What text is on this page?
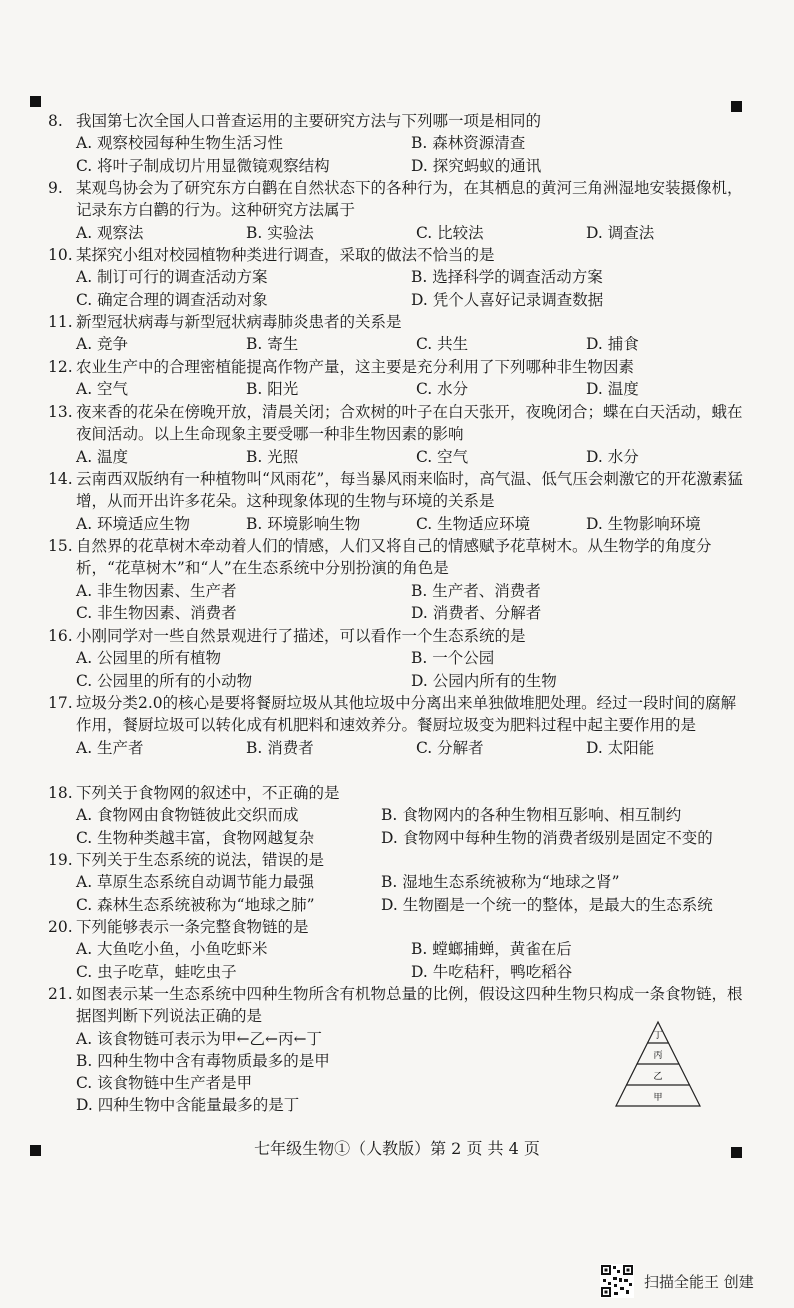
8. 我国第七次全国人口普查运用的主要研究方法与下列哪一项是相同的
A. 观察校园每种生物生活习性	B. 森林资源清查
C. 将叶子制成切片用显微镜观察结构	D. 探究蚂蚁的通讯
9. 某观鸟协会为了研究东方白鹳在自然状态下的各种行为，在其栖息的黄河三角洲湿地安装摄像机，记录东方白鹳的行为。这种研究方法属于
A. 观察法	B. 实验法	C. 比较法	D. 调查法
10. 某探究小组对校园植物种类进行调查，采取的做法不恰当的是
A. 制订可行的调查活动方案	B. 选择科学的调查活动方案
C. 确定合理的调查活动对象	D. 凭个人喜好记录调查数据
11. 新型冠状病毒与新型冠状病毒肺炎患者的关系是
A. 竞争	B. 寄生	C. 共生	D. 捕食
12. 农业生产中的合理密植能提高作物产量，这主要是充分利用了下列哪种非生物因素
A. 空气	B. 阳光	C. 水分	D. 温度
13. 夜来香的花朵在傍晚开放，清晨关闭；合欢树的叶子在白天张开，夜晚闭合；蝶在白天活动，蛾在夜间活动。以上生命现象主要受哪一种非生物因素的影响
A. 温度	B. 光照	C. 空气	D. 水分
14. 云南西双版纳有一种植物叫“风雨花”，每当暴风雨来临时，高气温、低气压会刺激它的开花激素猛增，从而开出许多花朵。这种现象体现的生物与环境的关系是
A. 环境适应生物	B. 环境影响生物	C. 生物适应环境	D. 生物影响环境
15. 自然界的花草树木牵动着人们的情感，人们又将自己的情感赋予花草树木。从生物学的角度分析，“花草树木”和“人”在生态系统中分别扮演的角色是
A. 非生物因素、生产者	B. 生产者、消费者
C. 非生物因素、消费者	D. 消费者、分解者
16. 小刚同学对一些自然景观进行了描述，可以看作一个生态系统的是
A. 公园里的所有植物	B. 一个公园
C. 公园里的所有的小动物	D. 公园内所有的生物
17. 垃圾分类2.0的核心是要将餐厨垃圾从其他垃圾中分离出来单独做堆肥处理。经过一段时间的腐解作用，餐厨垃圾可以转化成有机肥料和速效养分。餐厨垃圾变为肥料过程中起主要作用的是
A. 生产者	B. 消费者	C. 分解者	D. 太阳能
18. 下列关于食物网的叙述中，不正确的是
A. 食物网由食物链彼此交织而成	B. 食物网内的各种生物相互影响、相互制约
C. 生物种类越丰富，食物网越复杂	D. 食物网中每种生物的消费者级别是固定不变的
19. 下列关于生态系统的说法，错误的是
A. 草原生态系统自动调节能力最强	B. 湿地生态系统被称为“地球之肾”
C. 森林生态系统被称为“地球之肺”	D. 生物圈是一个统一的整体，是最大的生态系统
20. 下列能够表示一条完整食物链的是
A. 大鱼吃小鱼，小鱼吃虾米	B. 螳螂捕蝉，黄雀在后
C. 虫子吃草，蛙吃虫子	D. 牛吃秸秆，鸭吃稻谷
21. 如图表示某一生态系统中四种生物所含有机物总量的比例，假设这四种生物只构成一条食物链，根据图判断下列说法正确的是
A. 该食物链可表示为甲←乙←丙←丁
B. 四种生物中含有毒物质最多的是甲
C. 该食物链中生产者是甲
D. 四种生物中含能量最多的是丁
丁
丙
乙
甲
七年级生物①（人教版）第 2 页 共 4 页
扫描全能王 创建
